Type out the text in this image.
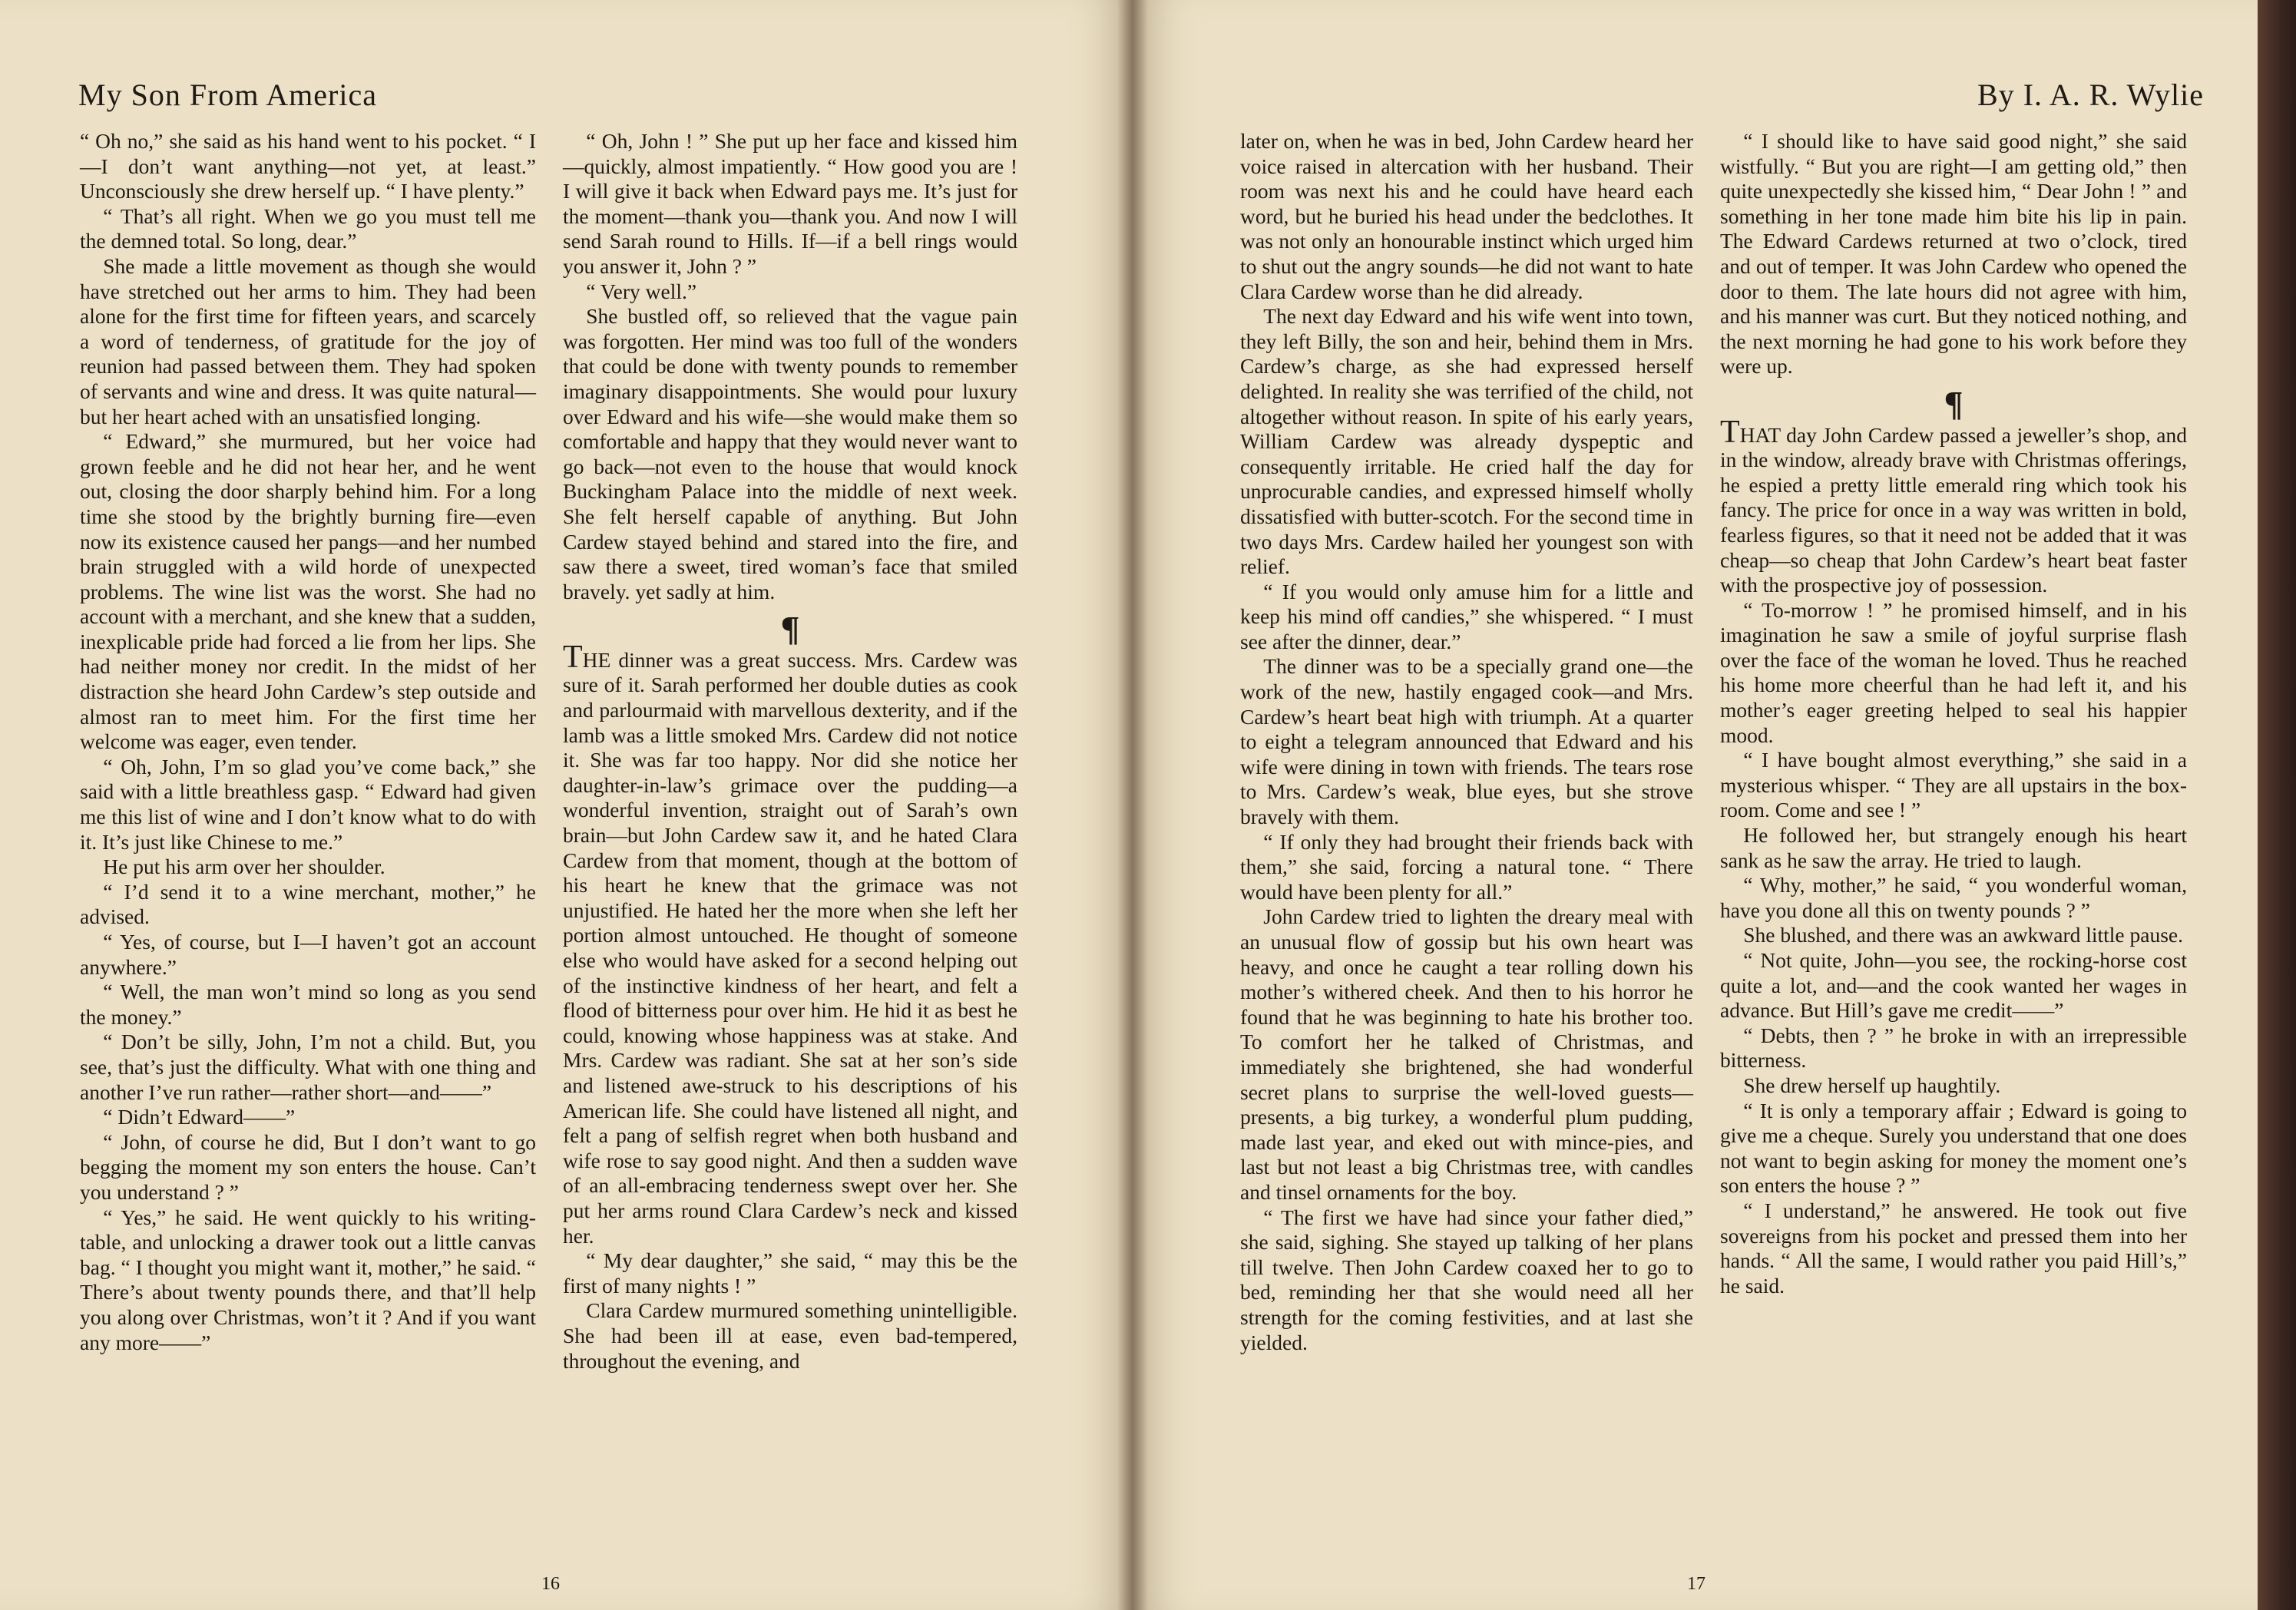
My Son From America

“ Oh no,” she said as his hand went to his pocket. “ I—I don’t want anything—not yet, at least.” Unconsciously she drew herself up. “ I have plenty.”

“ That’s all right. When we go you must tell me the demned total. So long, dear.”

She made a little movement as though she would have stretched out her arms to him. They had been alone for the first time for fifteen years, and scarcely a word of tenderness, of gratitude for the joy of reunion had passed between them. They had spoken of servants and wine and dress. It was quite natural—but her heart ached with an unsatisfied longing.

“ Edward,” she murmured, but her voice had grown feeble and he did not hear her, and he went out, closing the door sharply behind him. For a long time she stood by the brightly burning fire—even now its existence caused her pangs—and her numbed brain struggled with a wild horde of unexpected problems. The wine list was the worst. She had no account with a merchant, and she knew that a sudden, inexplicable pride had forced a lie from her lips. She had neither money nor credit. In the midst of her distraction she heard John Cardew’s step outside and almost ran to meet him. For the first time her welcome was eager, even tender.

“ Oh, John, I’m so glad you’ve come back,” she said with a little breathless gasp. “ Edward had given me this list of wine and I don’t know what to do with it. It’s just like Chinese to me.”

He put his arm over her shoulder.

“ I’d send it to a wine merchant, mother,” he advised.

“ Yes, of course, but I—I haven’t got an account anywhere.”

“ Well, the man won’t mind so long as you send the money.”

“ Don’t be silly, John, I’m not a child. But, you see, that’s just the difficulty. What with one thing and another I’ve run rather—rather short—and——”

“ Didn’t Edward——”

“ John, of course he did, But I don’t want to go begging the moment my son enters the house. Can’t you understand ? ”

“ Yes,” he said. He went quickly to his writing-table, and unlocking a drawer took out a little canvas bag. “ I thought you might want it, mother,” he said. “ There’s about twenty pounds there, and that’ll help you along over Christmas, won’t it ? And if you want any more——”

“ Oh, John ! ” She put up her face and kissed him—quickly, almost impatiently. “ How good you are ! I will give it back when Edward pays me. It’s just for the moment—thank you—thank you. And now I will send Sarah round to Hills. If—if a bell rings would you answer it, John ? ”

“ Very well.”

She bustled off, so relieved that the vague pain was forgotten. Her mind was too full of the wonders that could be done with twenty pounds to remember imaginary disappointments. She would pour luxury over Edward and his wife—she would make them so comfortable and happy that they would never want to go back—not even to the house that would knock Buckingham Palace into the middle of next week. She felt herself capable of anything. But John Cardew stayed behind and stared into the fire, and saw there a sweet, tired woman’s face that smiled bravely. yet sadly at him.

¶

THE dinner was a great success. Mrs. Cardew was sure of it. Sarah performed her double duties as cook and parlourmaid with marvellous dexterity, and if the lamb was a little smoked Mrs. Cardew did not notice it. She was far too happy. Nor did she notice her daughter-in-law’s grimace over the pudding—a wonderful invention, straight out of Sarah’s own brain—but John Cardew saw it, and he hated Clara Cardew from that moment, though at the bottom of his heart he knew that the grimace was not unjustified. He hated her the more when she left her portion almost untouched. He thought of someone else who would have asked for a second helping out of the instinctive kindness of her heart, and felt a flood of bitterness pour over him. He hid it as best he could, knowing whose happiness was at stake. And Mrs. Cardew was radiant. She sat at her son’s side and listened awe-struck to his descriptions of his American life. She could have listened all night, and felt a pang of selfish regret when both husband and wife rose to say good night. And then a sudden wave of an all-embracing tenderness swept over her. She put her arms round Clara Cardew’s neck and kissed her.

“ My dear daughter,” she said, “ may this be the first of many nights ! ”

Clara Cardew murmured something unintelligible. She had been ill at ease, even bad-tempered, throughout the evening, and

16
By I. A. R. Wylie

later on, when he was in bed, John Cardew heard her voice raised in altercation with her husband. Their room was next his and he could have heard each word, but he buried his head under the bedclothes. It was not only an honourable instinct which urged him to shut out the angry sounds—he did not want to hate Clara Cardew worse than he did already.

The next day Edward and his wife went into town, they left Billy, the son and heir, behind them in Mrs. Cardew’s charge, as she had expressed herself delighted. In reality she was terrified of the child, not altogether without reason. In spite of his early years, William Cardew was already dyspeptic and consequently irritable. He cried half the day for unprocurable candies, and expressed himself wholly dissatisfied with butter-scotch. For the second time in two days Mrs. Cardew hailed her youngest son with relief.

“ If you would only amuse him for a little and keep his mind off candies,” she whispered. “ I must see after the dinner, dear.”

The dinner was to be a specially grand one—the work of the new, hastily engaged cook—and Mrs. Cardew’s heart beat high with triumph. At a quarter to eight a telegram announced that Edward and his wife were dining in town with friends. The tears rose to Mrs. Cardew’s weak, blue eyes, but she strove bravely with them.

“ If only they had brought their friends back with them,” she said, forcing a natural tone. “ There would have been plenty for all.”

John Cardew tried to lighten the dreary meal with an unusual flow of gossip but his own heart was heavy, and once he caught a tear rolling down his mother’s withered cheek. And then to his horror he found that he was beginning to hate his brother too. To comfort her he talked of Christmas, and immediately she brightened, she had wonderful secret plans to surprise the well-loved guests—presents, a big turkey, a wonderful plum pudding, made last year, and eked out with mince-pies, and last but not least a big Christmas tree, with candles and tinsel ornaments for the boy.

“ The first we have had since your father died,” she said, sighing. She stayed up talking of her plans till twelve. Then John Cardew coaxed her to go to bed, reminding her that she would need all her strength for the coming festivities, and at last she yielded.

“ I should like to have said good night,” she said wistfully. “ But you are right—I am getting old,” then quite unexpectedly she kissed him, “ Dear John ! ” and something in her tone made him bite his lip in pain. The Edward Cardews returned at two o’clock, tired and out of temper. It was John Cardew who opened the door to them. The late hours did not agree with him, and his manner was curt. But they noticed nothing, and the next morning he had gone to his work before they were up.

¶

THAT day John Cardew passed a jeweller’s shop, and in the window, already brave with Christmas offerings, he espied a pretty little emerald ring which took his fancy. The price for once in a way was written in bold, fearless figures, so that it need not be added that it was cheap—so cheap that John Cardew’s heart beat faster with the prospective joy of possession.

“ To-morrow ! ” he promised himself, and in his imagination he saw a smile of joyful surprise flash over the face of the woman he loved. Thus he reached his home more cheerful than he had left it, and his mother’s eager greeting helped to seal his happier mood.

“ I have bought almost everything,” she said in a mysterious whisper. “ They are all upstairs in the box-room. Come and see ! ”

He followed her, but strangely enough his heart sank as he saw the array. He tried to laugh.

“ Why, mother,” he said, “ you wonderful woman, have you done all this on twenty pounds ? ”

She blushed, and there was an awkward little pause.

“ Not quite, John—you see, the rocking-horse cost quite a lot, and—and the cook wanted her wages in advance. But Hill’s gave me credit——”

“ Debts, then ? ” he broke in with an irrepressible bitterness.

She drew herself up haughtily.

“ It is only a temporary affair ; Edward is going to give me a cheque. Surely you understand that one does not want to begin asking for money the moment one’s son enters the house ? ”

“ I understand,” he answered. He took out five sovereigns from his pocket and pressed them into her hands. “ All the same, I would rather you paid Hill’s,” he said.

17
